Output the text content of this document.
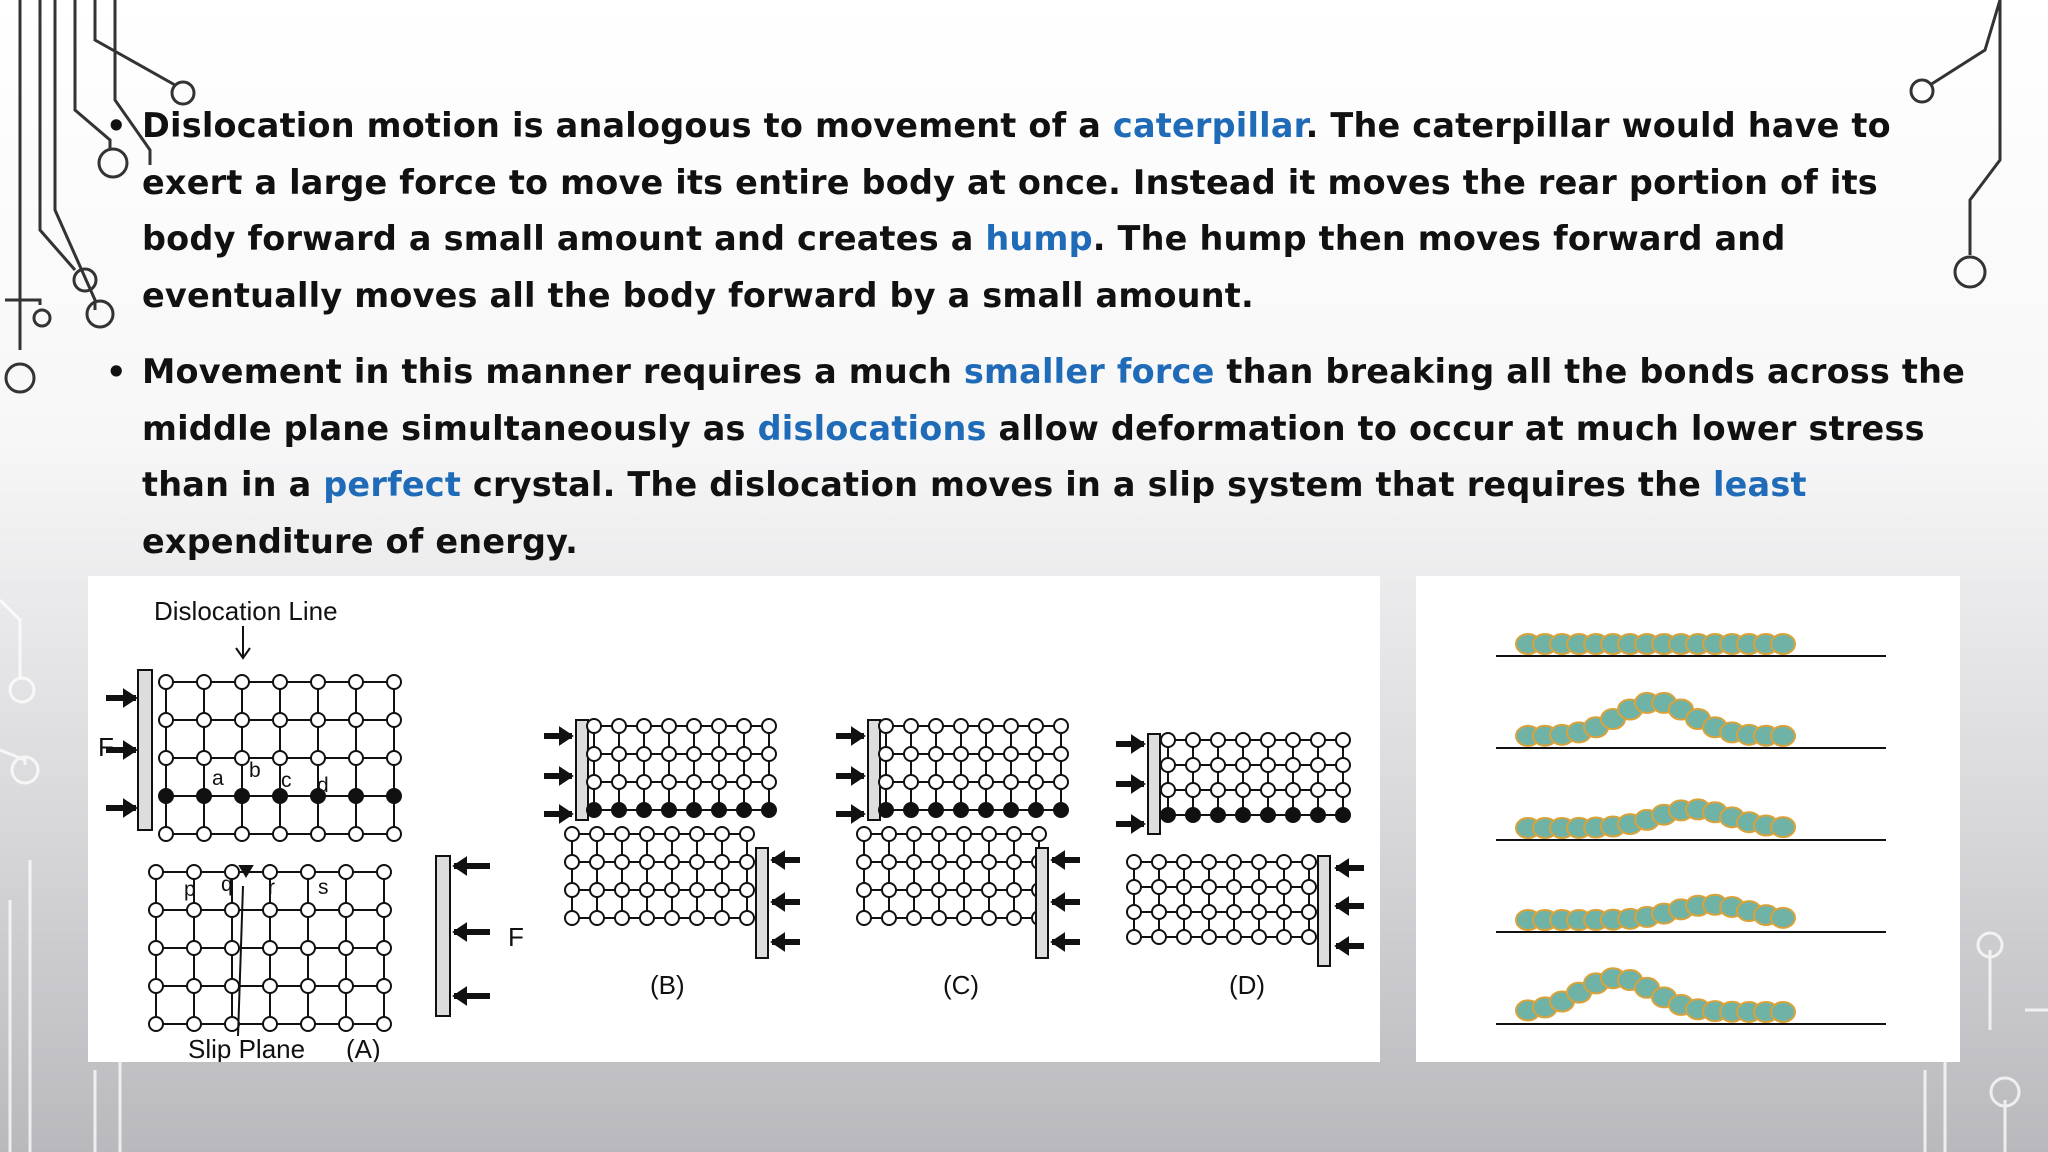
• Dislocation motion is analogous to movement of a caterpillar. The caterpillar would have to exert a large force to move its entire body at once. Instead it moves the rear portion of its body forward a small amount and creates a hump. The hump then moves forward and eventually moves all the body forward by a small amount.
• Movement in this manner requires a much smaller force than breaking all the bonds across the middle plane simultaneously as dislocations allow deformation to occur at much lower stress than in a perfect crystal. The dislocation moves in a slip system that requires the least expenditure of energy.
Dislocation Line
F
F
a b c d
p q r s
Slip Plane (A)
(B)	(C)	(D)
